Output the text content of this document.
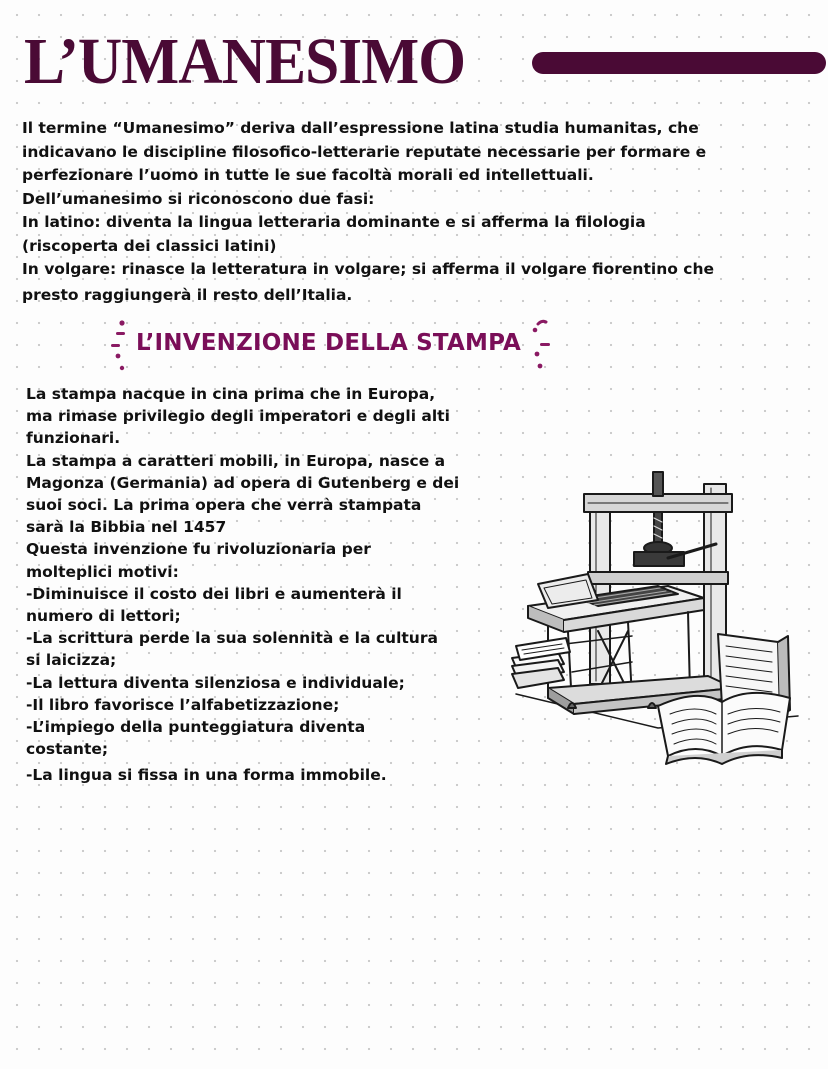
L’UMANESIMO

Il termine “Umanesimo” deriva dall’espressione latina studia humanitas, che

indicavano le discipline filosofico-letterarie reputate necessarie per formare e

perfezionare l’uomo in tutte le sue facoltà morali ed intellettuali.

Dell’umanesimo si riconoscono due fasi:

In latino: diventa la lingua letteraria dominante e si afferma la filologia

(riscoperta dei classici latini)

In volgare: rinasce la letteratura in volgare; si afferma il volgare fiorentino che

presto raggiungerà il resto dell’Italia.

L’INVENZIONE DELLA STAMPA

La stampa nacque in cina prima che in Europa,

ma rimase privilegio degli imperatori e degli alti

funzionari.

La stampa a caratteri mobili, in Europa, nasce a

Magonza (Germania) ad opera di Gutenberg e dei

suoi soci. La prima opera che verrà stampata

sarà la Bibbia nel 1457

Questa invenzione fu rivoluzionaria per

molteplici motivi:

-Diminuisce il costo dei libri e aumenterà il

numero di lettori;

-La scrittura perde la sua solennità e la cultura

si laicizza;

-La lettura diventa silenziosa e individuale;

-Il libro favorisce l’alfabetizzazione;

-L’impiego della punteggiatura diventa

costante;

-La lingua si fissa in una forma immobile.
